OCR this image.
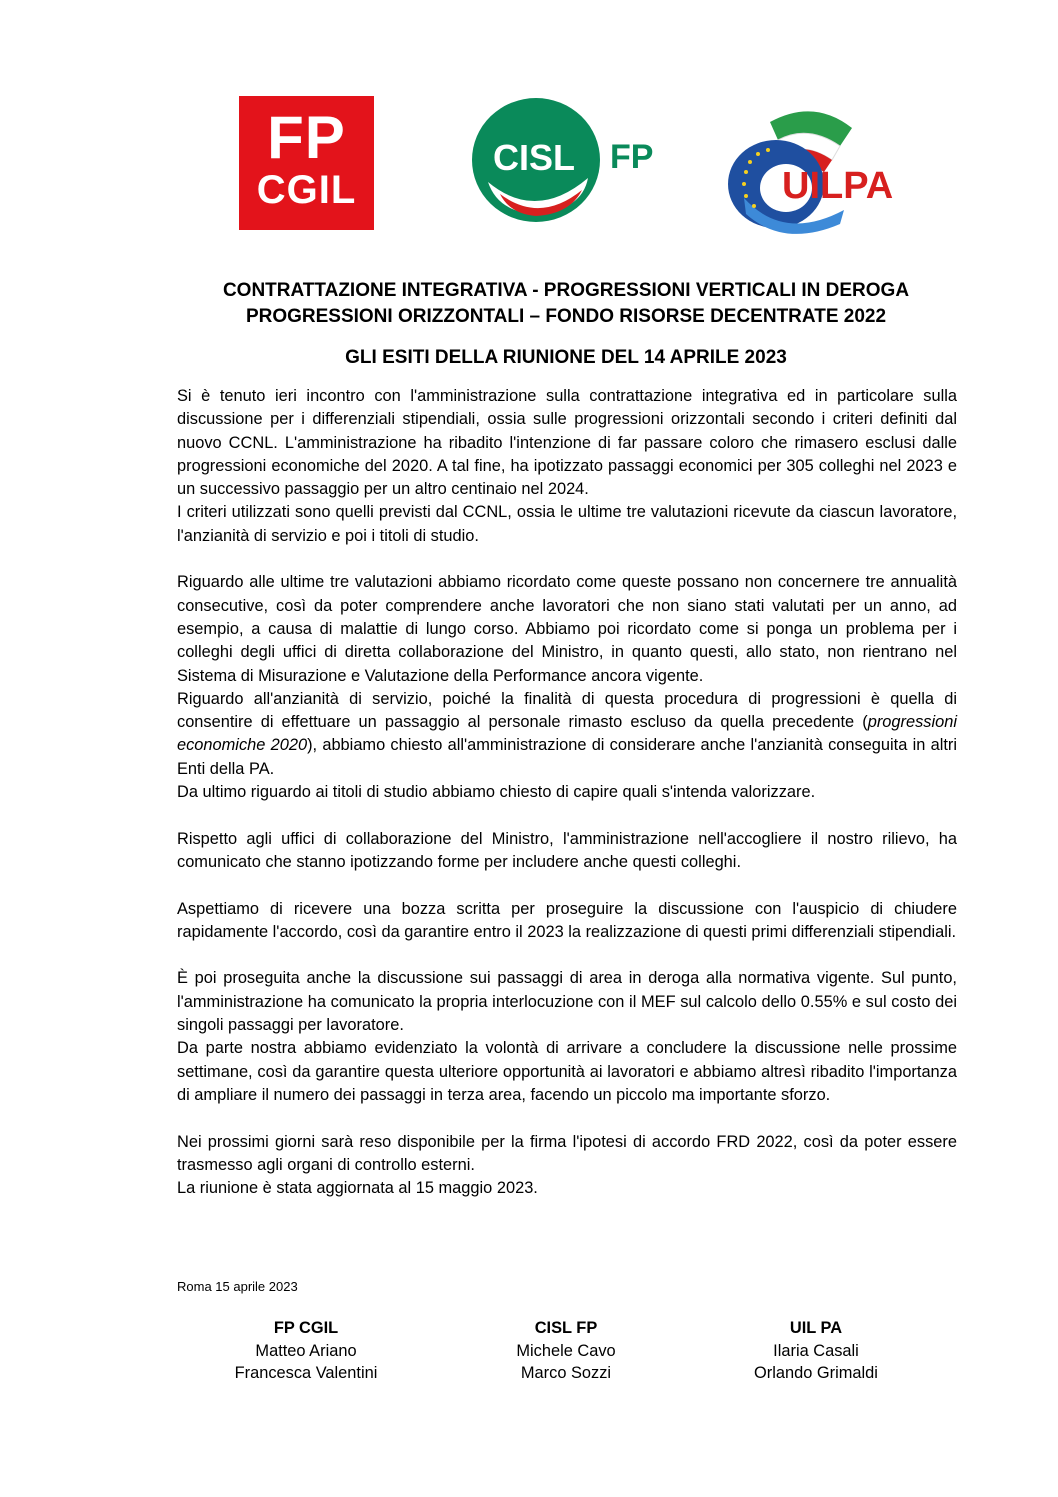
FP
CGIL
CISL FP
UILPA
CONTRATTAZIONE INTEGRATIVA - PROGRESSIONI VERTICALI IN DEROGA
PROGRESSIONI ORIZZONTALI – FONDO RISORSE DECENTRATE 2022
GLI ESITI DELLA RIUNIONE DEL 14 APRILE 2023

Si è tenuto ieri incontro con l'amministrazione sulla contrattazione integrativa ed in particolare sulla discussione per i differenziali stipendiali, ossia sulle progressioni orizzontali secondo i criteri definiti dal nuovo CCNL. L'amministrazione ha ribadito l'intenzione di far passare coloro che rimasero esclusi dalle progressioni economiche del 2020. A tal fine, ha ipotizzato passaggi economici per 305 colleghi nel 2023 e un successivo passaggio per un altro centinaio nel 2024.

I criteri utilizzati sono quelli previsti dal CCNL, ossia le ultime tre valutazioni ricevute da ciascun lavoratore, l'anzianità di servizio e poi i titoli di studio.

Riguardo alle ultime tre valutazioni abbiamo ricordato come queste possano non concernere tre annualità consecutive, così da poter comprendere anche lavoratori che non siano stati valutati per un anno, ad esempio, a causa di malattie di lungo corso. Abbiamo poi ricordato come si ponga un problema per i colleghi degli uffici di diretta collaborazione del Ministro, in quanto questi, allo stato, non rientrano nel Sistema di Misurazione e Valutazione della Performance ancora vigente.

Riguardo all'anzianità di servizio, poiché la finalità di questa procedura di progressioni è quella di consentire di effettuare un passaggio al personale rimasto escluso da quella precedente (progressioni economiche 2020), abbiamo chiesto all'amministrazione di considerare anche l'anzianità conseguita in altri Enti della PA.

Da ultimo riguardo ai titoli di studio abbiamo chiesto di capire quali s'intenda valorizzare.

Rispetto agli uffici di collaborazione del Ministro, l'amministrazione nell'accogliere il nostro rilievo, ha comunicato che stanno ipotizzando forme per includere anche questi colleghi.

Aspettiamo di ricevere una bozza scritta per proseguire la discussione con l'auspicio di chiudere rapidamente l'accordo, così da garantire entro il 2023 la realizzazione di questi primi differenziali stipendiali.

È poi proseguita anche la discussione sui passaggi di area in deroga alla normativa vigente. Sul punto, l'amministrazione ha comunicato la propria interlocuzione con il MEF sul calcolo dello 0.55% e sul costo dei singoli passaggi per lavoratore.

Da parte nostra abbiamo evidenziato la volontà di arrivare a concludere la discussione nelle prossime settimane, così da garantire questa ulteriore opportunità ai lavoratori e abbiamo altresì ribadito l'importanza di ampliare il numero dei passaggi in terza area, facendo un piccolo ma importante sforzo.

Nei prossimi giorni sarà reso disponibile per la firma l'ipotesi di accordo FRD 2022, così da poter essere trasmesso agli organi di controllo esterni.

La riunione è stata aggiornata al 15 maggio 2023.

Roma 15 aprile 2023
FP CGIL
Matteo Ariano
Francesca Valentini
CISL FP
Michele Cavo
Marco Sozzi
UIL PA
Ilaria Casali
Orlando Grimaldi
